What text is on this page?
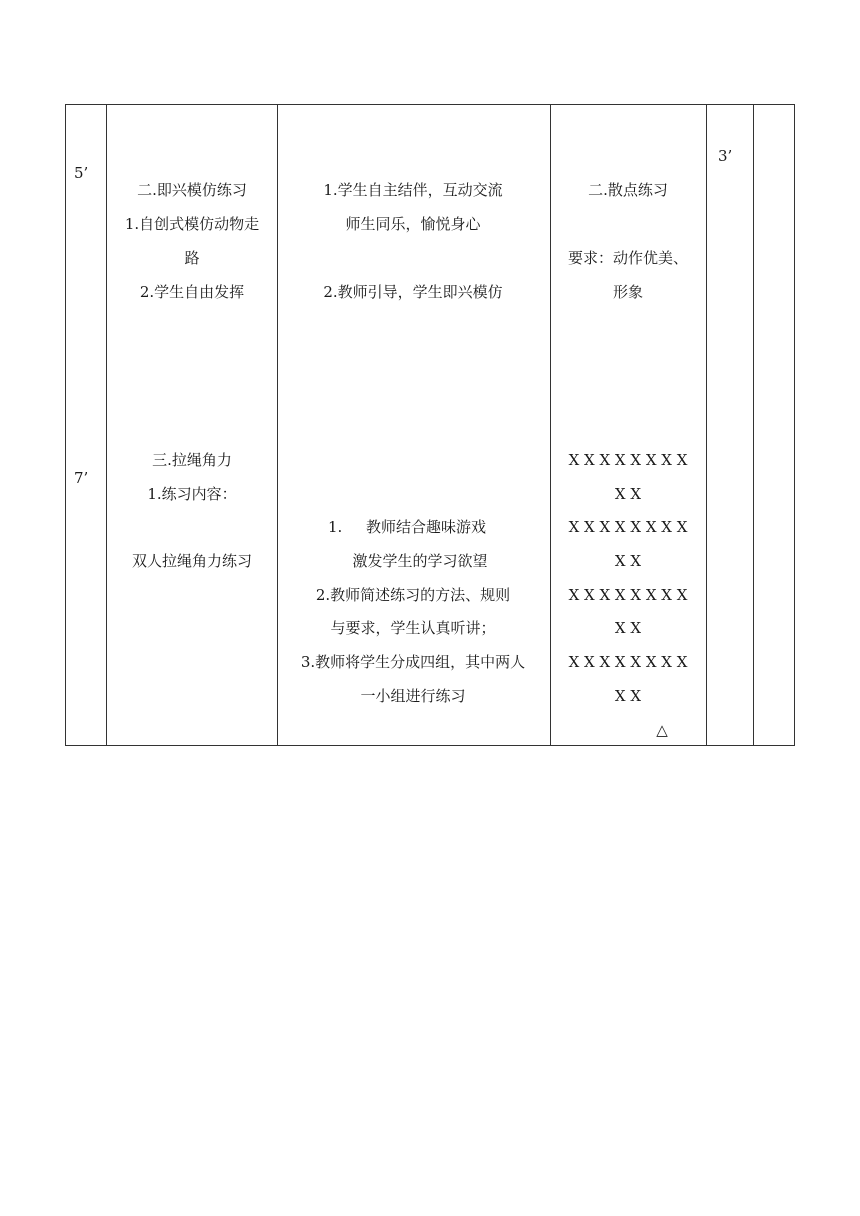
5’
7’
3’
二.即兴模仿练习
1.自创式模仿动物走
路
2.学生自由发挥
1.学生自主结伴，互动交流
师生同乐，愉悦身心
2.教师引导，学生即兴模仿
二.散点练习
要求：动作优美、
形象
三.拉绳角力
1.练习内容：
双人拉绳角力练习
1. 教师结合趣味游戏
激发学生的学习欲望
2.教师简述练习的方法、规则
与要求，学生认真听讲；
3.教师将学生分成四组，其中两人
一小组进行练习
X X X X X X X X
X X
X X X X X X X X
X X
X X X X X X X X
X X
X X X X X X X X
X X
△
